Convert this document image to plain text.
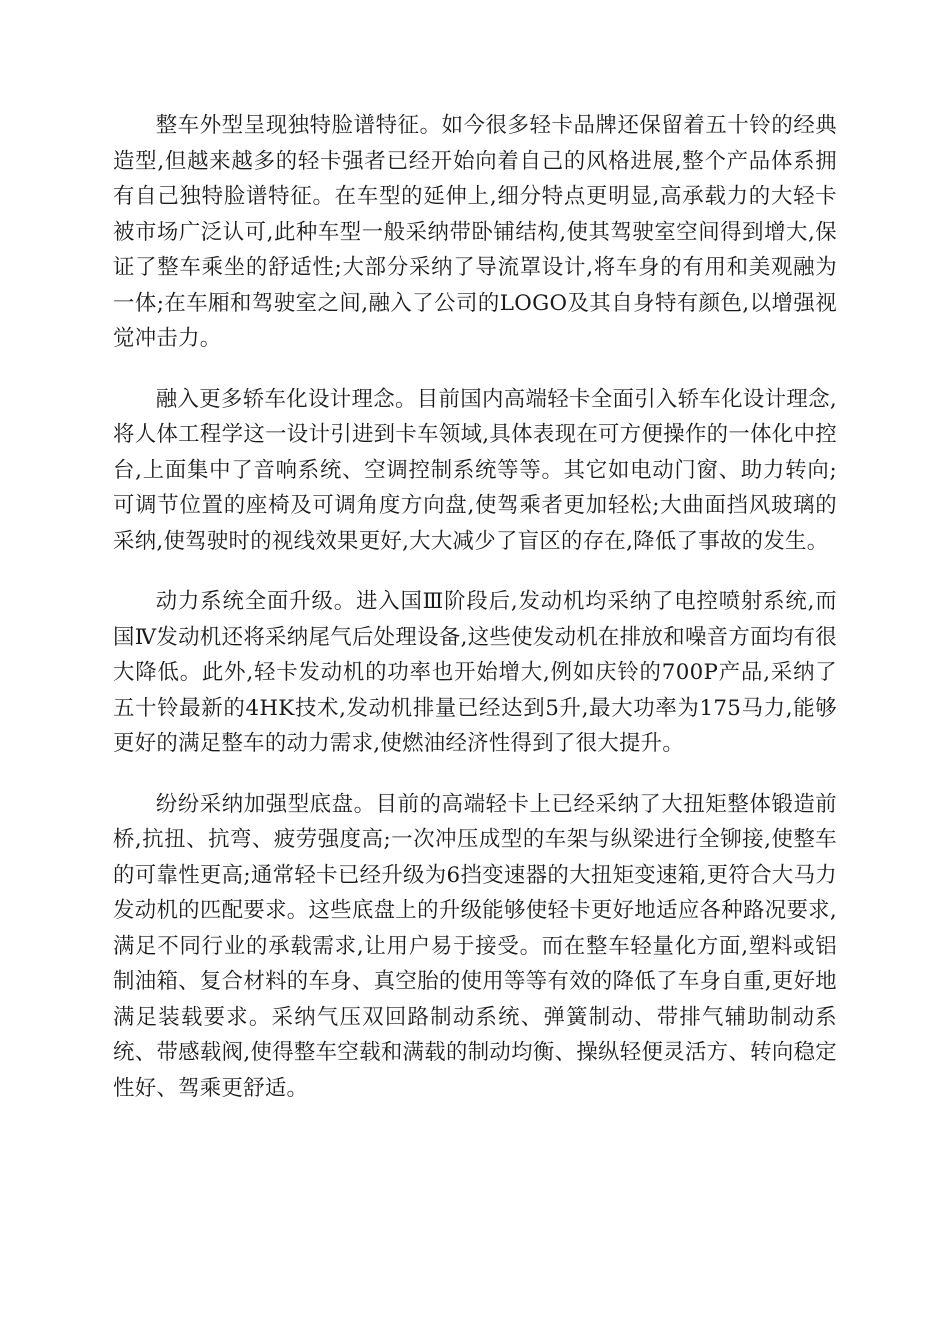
整车外型呈现独特脸谱特征。如今很多轻卡品牌还保留着五十铃的经典造型,但越来越多的轻卡强者已经开始向着自己的风格进展,整个产品体系拥有自己独特脸谱特征。在车型的延伸上,细分特点更明显,高承载力的大轻卡被市场广泛认可,此种车型一般采纳带卧铺结构,使其驾驶室空间得到增大,保证了整车乘坐的舒适性;大部分采纳了导流罩设计,将车身的有用和美观融为一体;在车厢和驾驶室之间,融入了公司的LOGO及其自身特有颜色,以增强视觉冲击力。

融入更多轿车化设计理念。目前国内高端轻卡全面引入轿车化设计理念,将人体工程学这一设计引进到卡车领域,具体表现在可方便操作的一体化中控台,上面集中了音响系统、空调控制系统等等。其它如电动门窗、助力转向;可调节位置的座椅及可调角度方向盘,使驾乘者更加轻松;大曲面挡风玻璃的采纳,使驾驶时的视线效果更好,大大减少了盲区的存在,降低了事故的发生。

动力系统全面升级。进入国Ⅲ阶段后,发动机均采纳了电控喷射系统,而国Ⅳ发动机还将采纳尾气后处理设备,这些使发动机在排放和噪音方面均有很大降低。此外,轻卡发动机的功率也开始增大,例如庆铃的700P产品,采纳了五十铃最新的4HK技术,发动机排量已经达到5升,最大功率为175马力,能够更好的满足整车的动力需求,使燃油经济性得到了很大提升。

纷纷采纳加强型底盘。目前的高端轻卡上已经采纳了大扭矩整体锻造前桥,抗扭、抗弯、疲劳强度高;一次冲压成型的车架与纵梁进行全铆接,使整车的可靠性更高;通常轻卡已经升级为6挡变速器的大扭矩变速箱,更符合大马力发动机的匹配要求。这些底盘上的升级能够使轻卡更好地适应各种路况要求,满足不同行业的承载需求,让用户易于接受。而在整车轻量化方面,塑料或铝制油箱、复合材料的车身、真空胎的使用等等有效的降低了车身自重,更好地满足装载要求。采纳气压双回路制动系统、弹簧制动、带排气辅助制动系统、带感载阀,使得整车空载和满载的制动均衡、操纵轻便灵活方、转向稳定性好、驾乘更舒适。
